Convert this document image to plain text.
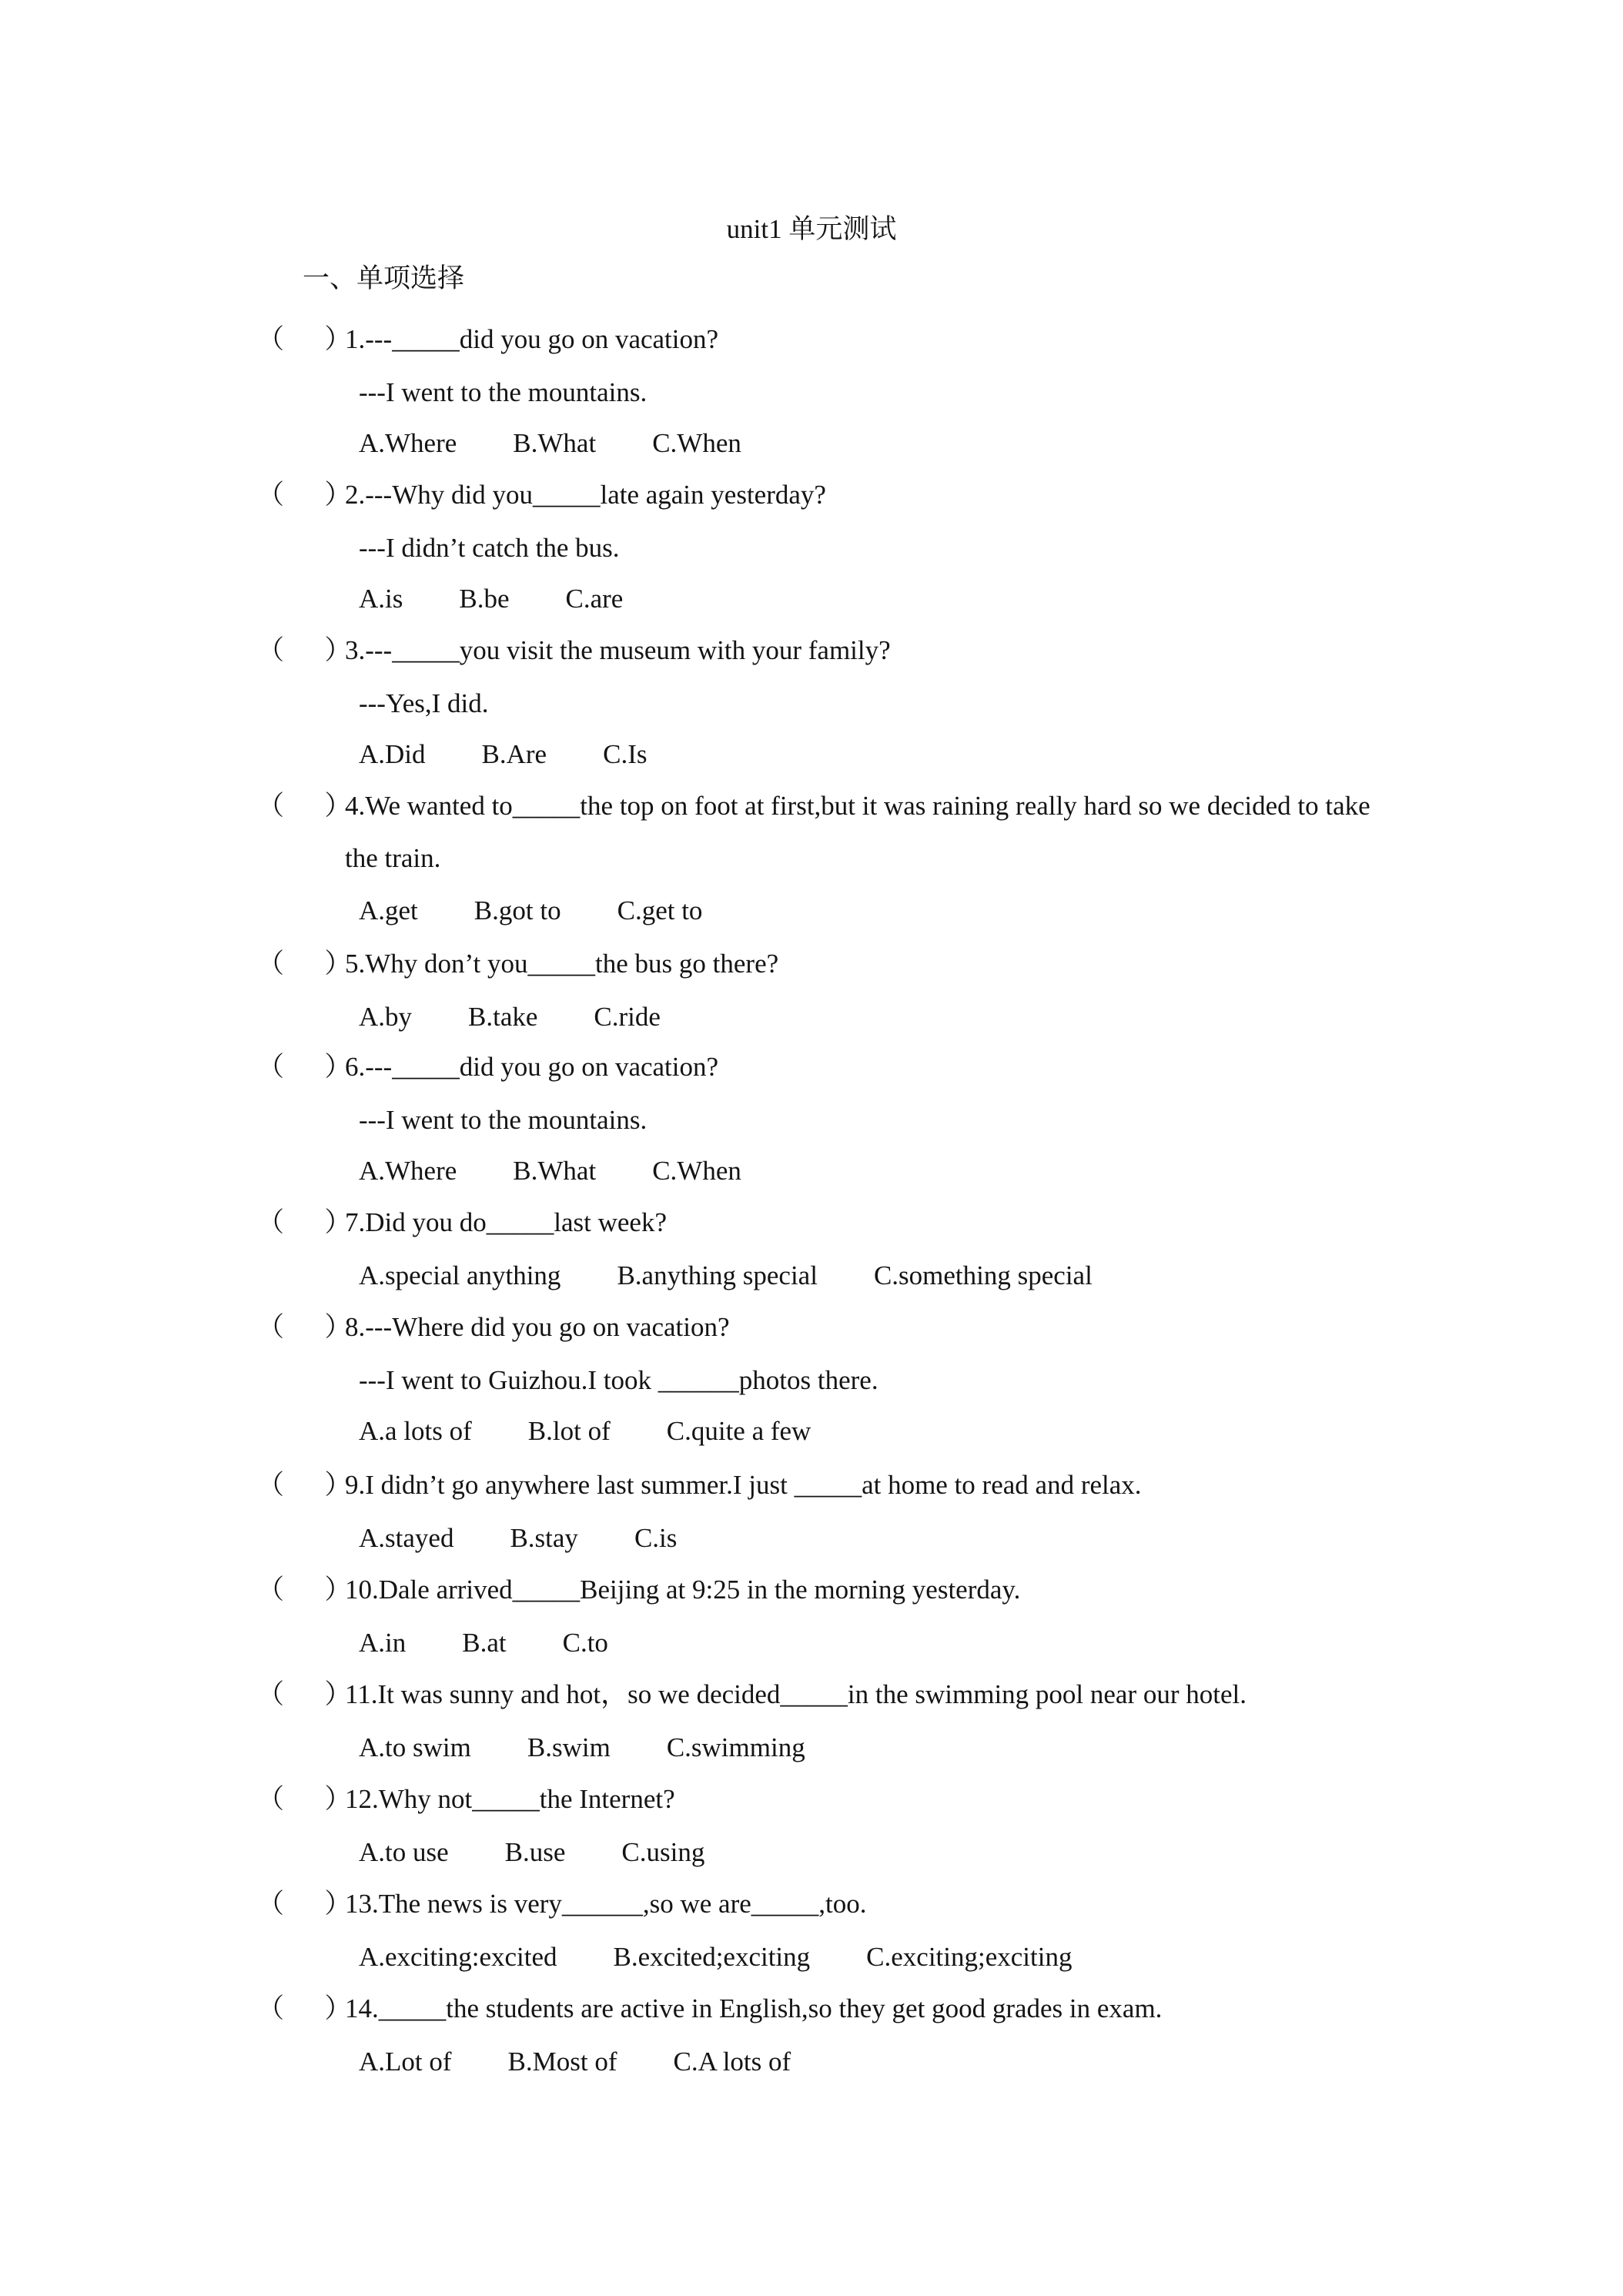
unit1 单元测试
一、单项选择
（      ）
1.---_____did you go on vacation?
---I went to the mountains.
A.Where B.What C.When
（      ）
2.---Why did you_____late again yesterday?
---I didn’t catch the bus.
A.is B.be C.are
（      ）
3.---_____you visit the museum with your family?
---Yes,I did.
A.Did B.Are C.Is
（      ）
4.We wanted to_____the top on foot at first,but it was raining really hard so we decided to take the train.
A.get B.got to C.get to
（      ）
5.Why don’t you_____the bus go there?
A.by B.take C.ride
（      ）
6.---_____did you go on vacation?
---I went to the mountains.
A.Where B.What C.When
（      ）
7.Did you do_____last week?
A.special anything B.anything special C.something special
（      ）
8.---Where did you go on vacation?
---I went to Guizhou.I took ______photos there.
A.a lots of B.lot of C.quite a few
（      ）
9.I didn’t go anywhere last summer.I just _____at home to read and relax.
A.stayed B.stay C.is
（      ）
10.Dale arrived_____Beijing at 9:25 in the morning yesterday.
A.in B.at C.to
（      ）
11.It was sunny and hot，so we decided_____in the swimming pool near our hotel.
A.to swim B.swim C.swimming
（      ）
12.Why not_____the Internet?
A.to use B.use C.using
（      ）
13.The news is very______,so we are_____,too.
A.exciting:excited B.excited;exciting C.exciting;exciting
（      ）
14._____the students are active in English,so they get good grades in exam.
A.Lot of B.Most of C.A lots of
